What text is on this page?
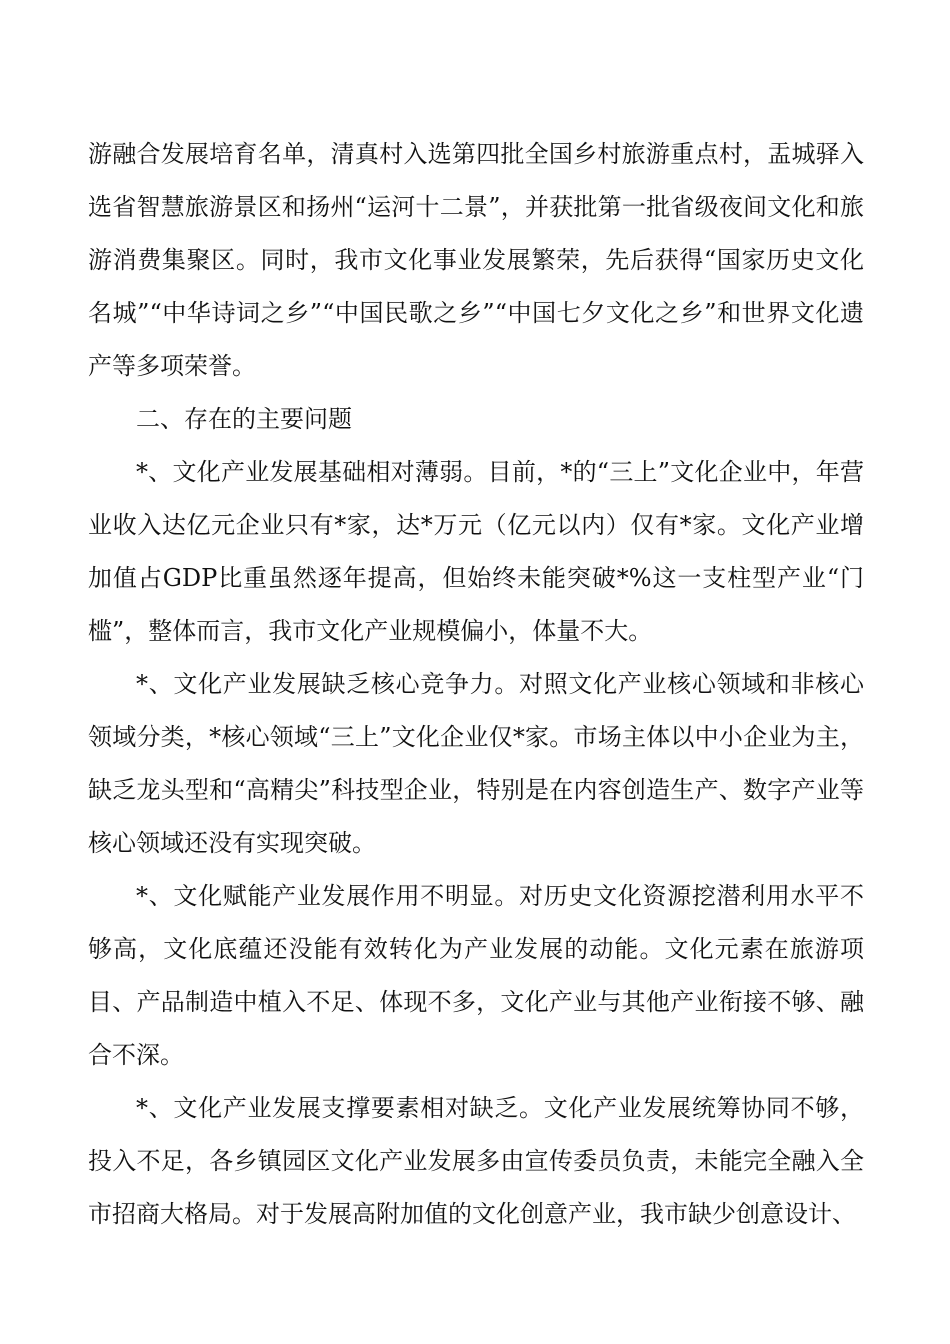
游融合发展培育名单，清真村入选第四批全国乡村旅游重点村，盂城驿入选省智慧旅游景区和扬州“运河十二景”，并获批第一批省级夜间文化和旅游消费集聚区。同时，我市文化事业发展繁荣，先后获得“国家历史文化名城”“中华诗词之乡”“中国民歌之乡”“中国七夕文化之乡”和世界文化遗产等多项荣誉。

二、存在的主要问题

*、文化产业发展基础相对薄弱。目前，*的“三上”文化企业中，年营业收入达亿元企业只有*家，达*万元（亿元以内）仅有*家。文化产业增加值占GDP比重虽然逐年提高，但始终未能突破*%这一支柱型产业“门槛”，整体而言，我市文化产业规模偏小，体量不大。

*、文化产业发展缺乏核心竞争力。对照文化产业核心领域和非核心领域分类，*核心领域“三上”文化企业仅*家。市场主体以中小企业为主，缺乏龙头型和“高精尖”科技型企业，特别是在内容创造生产、数字产业等核心领域还没有实现突破。

*、文化赋能产业发展作用不明显。对历史文化资源挖潜利用水平不够高，文化底蕴还没能有效转化为产业发展的动能。文化元素在旅游项目、产品制造中植入不足、体现不多，文化产业与其他产业衔接不够、融合不深。

*、文化产业发展支撑要素相对缺乏。文化产业发展统筹协同不够，投入不足，各乡镇园区文化产业发展多由宣传委员负责，未能完全融入全市招商大格局。对于发展高附加值的文化创意产业，我市缺少创意设计、
